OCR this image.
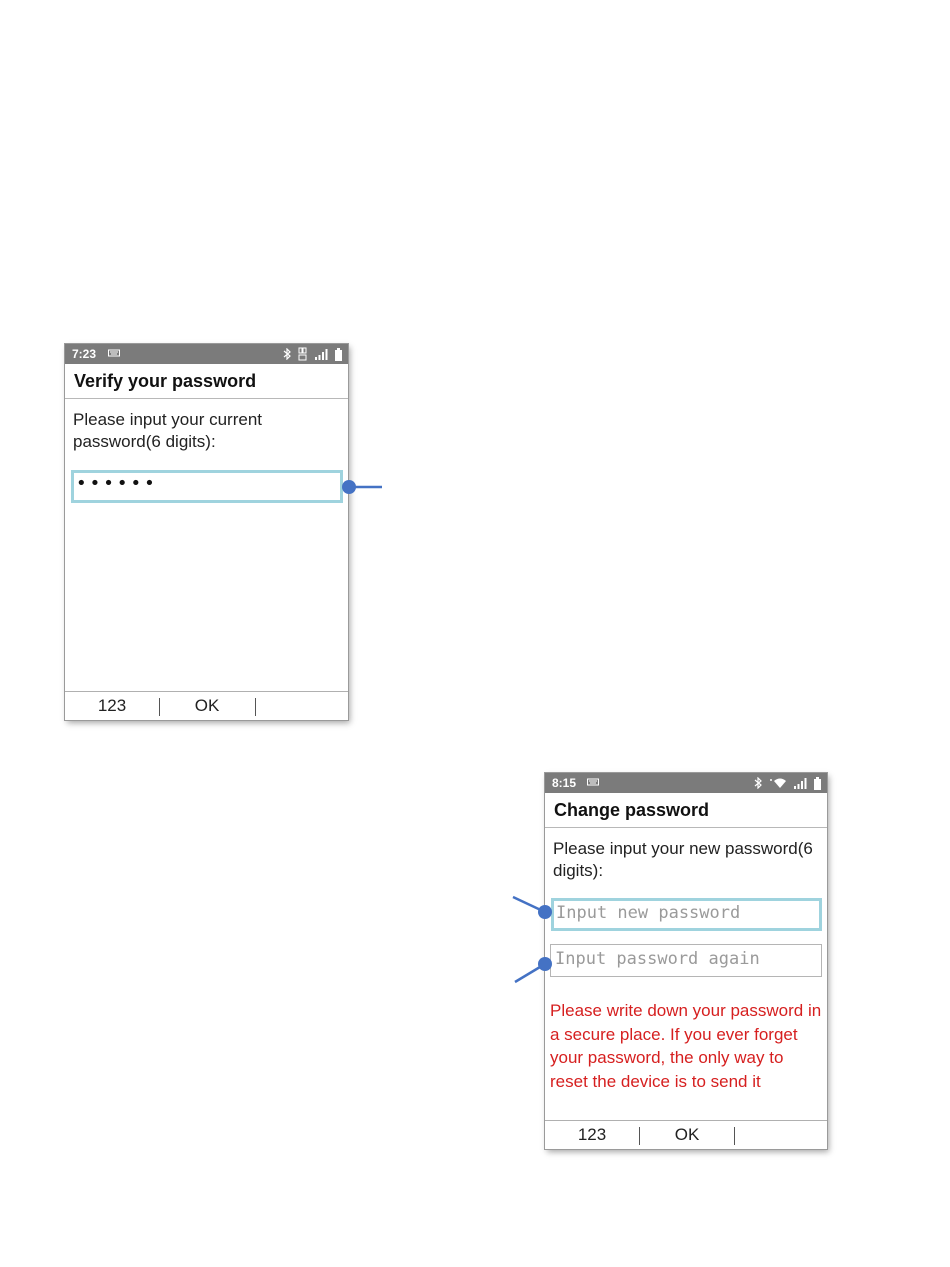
7:23
Verify your password
Please input your current password(6 digits):
••••••
123	OK
8:15
Change password
Please input your new password(6 digits):
Input new password
Input password again
Please write down your password in a secure place. If you ever forget your password, the only way to reset the device is to send it
123	OK
